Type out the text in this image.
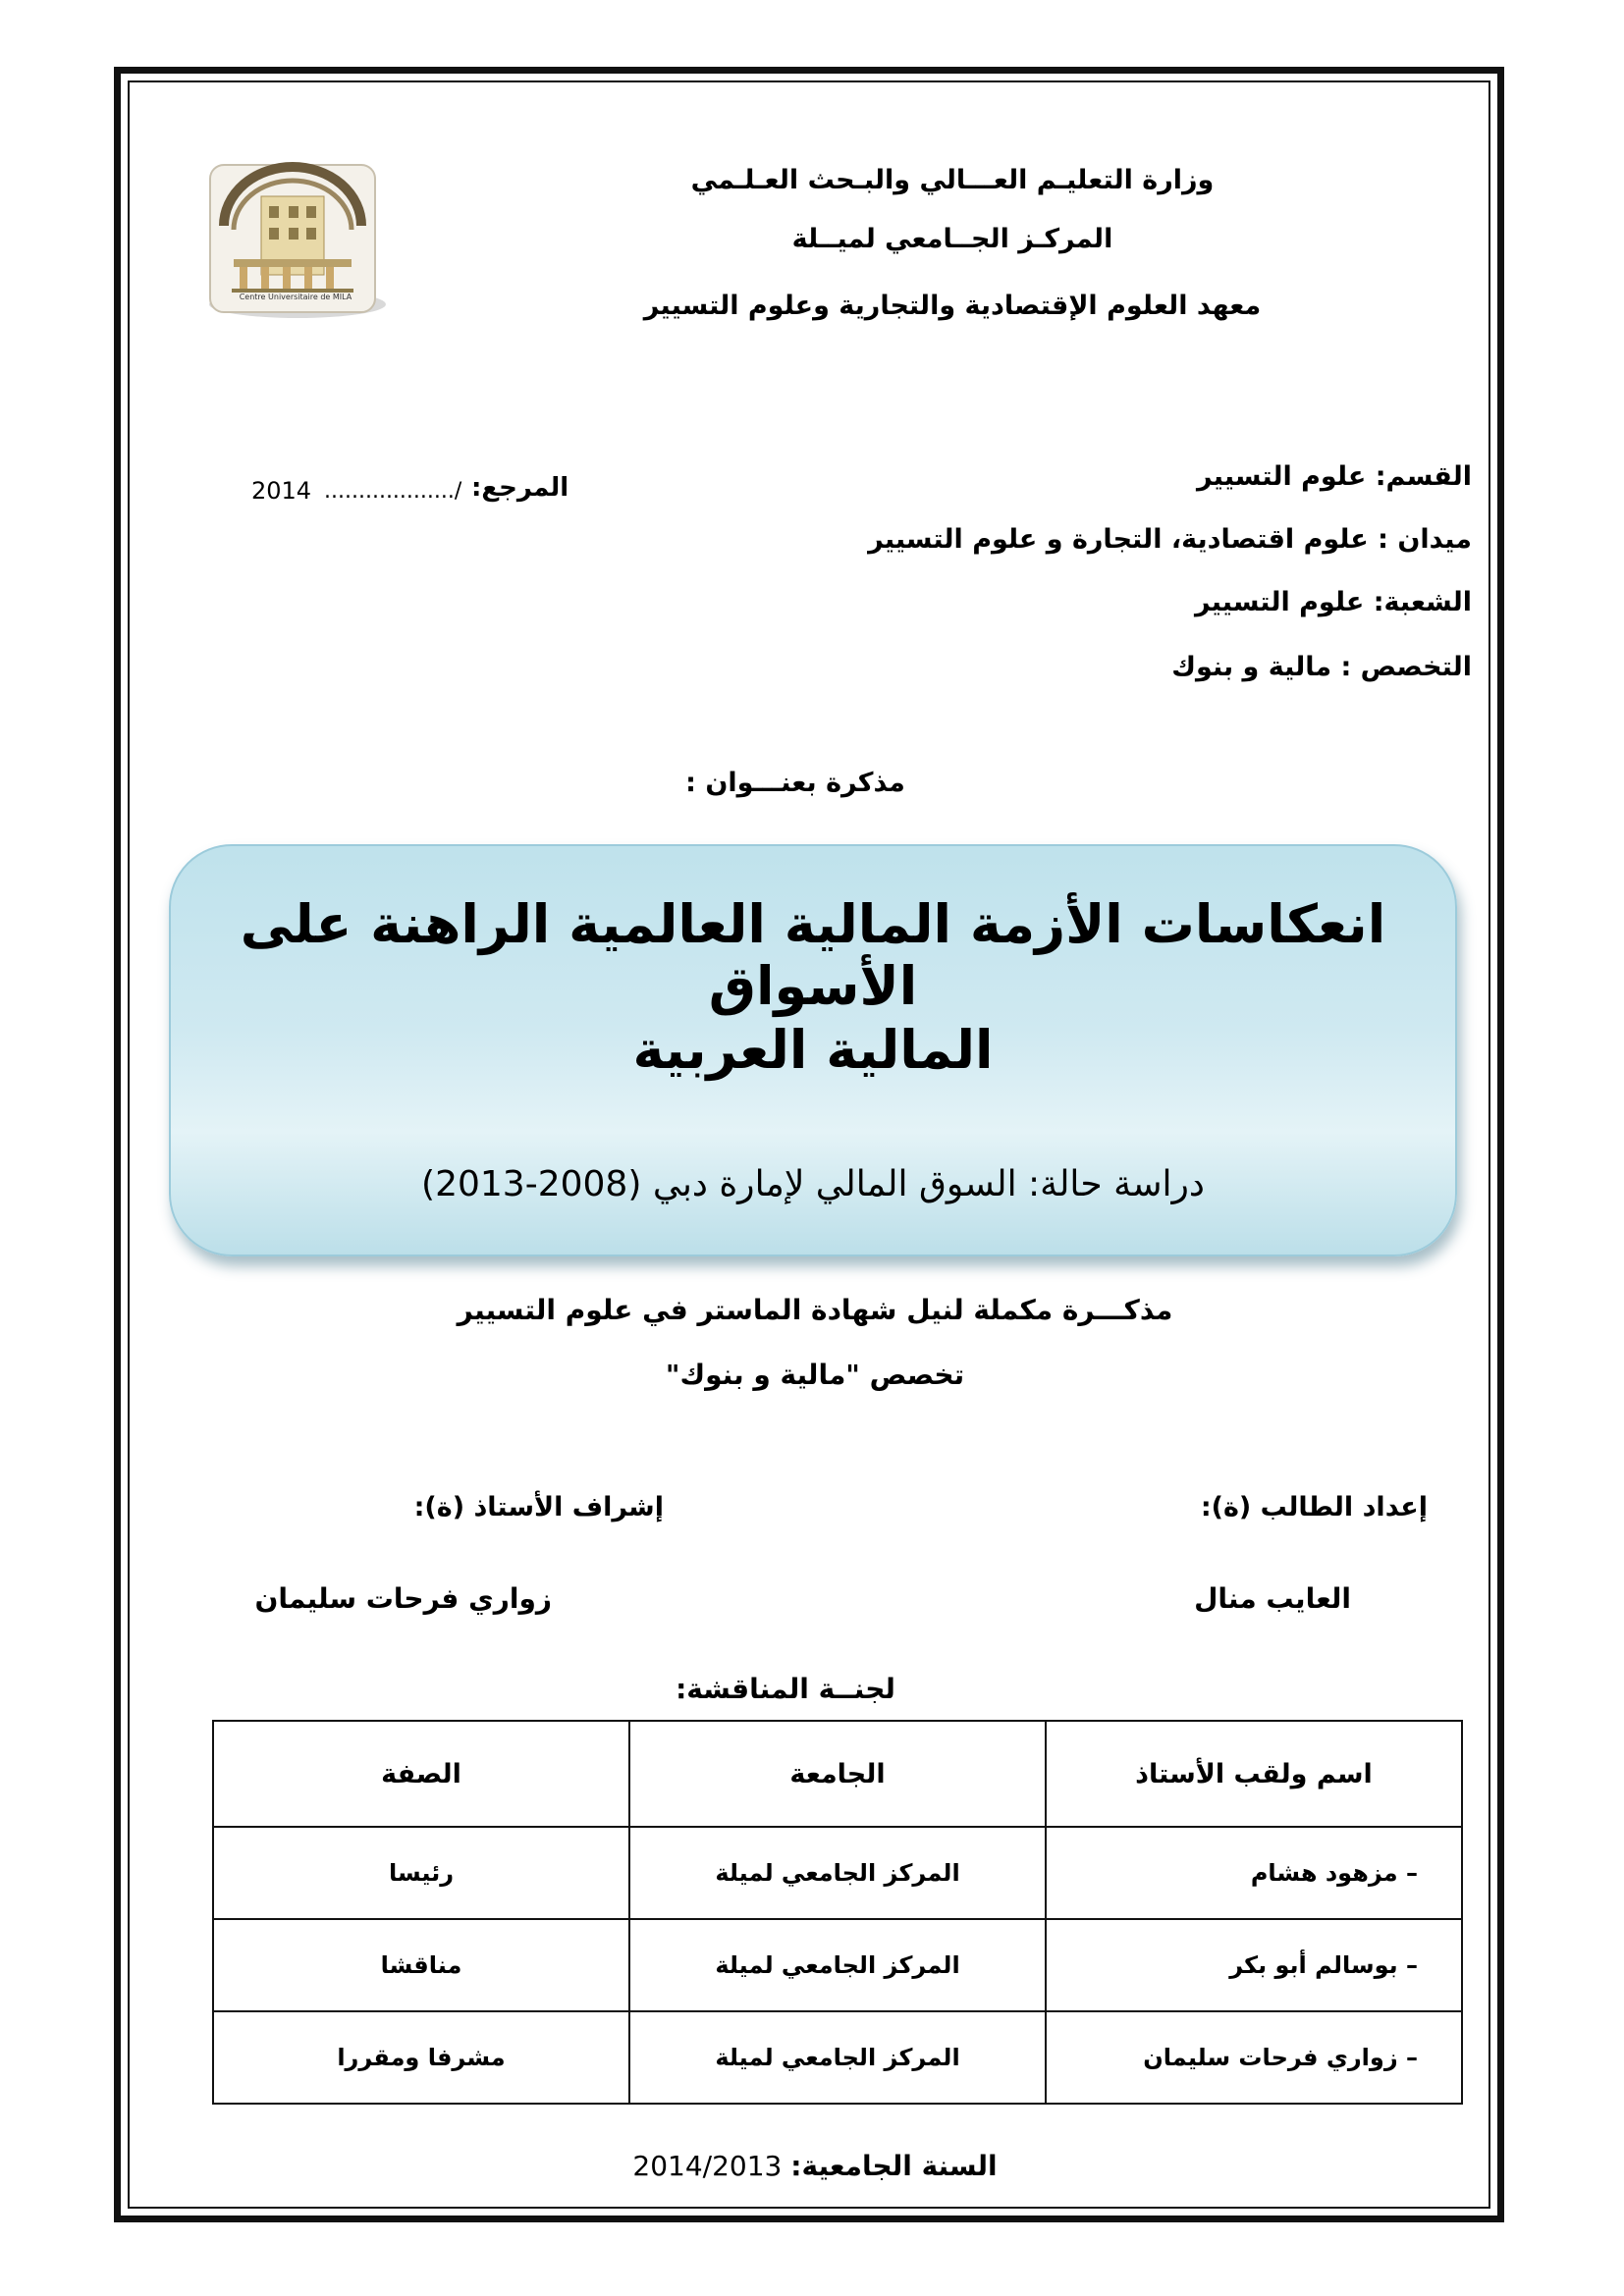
Centre Universitaire de MILA
وزارة التعليـم العـــالي والبـحث العـلـمي
المركـز الجــامعي لميــلة
معهد العلوم الإقتصادية والتجارية وعلوم التسيير
القسم: علوم التسيير
ميدان : علوم اقتصادية، التجارة و علوم التسيير
الشعبة: علوم التسيير
التخصص : مالية و بنوك
المرجع:
.................../
2014
مذكرة بعنـــوان :
انعكاسات الأزمة المالية العالمية الراهنة على الأسواق
المالية العربية
دراسة حالة: السوق المالي لإمارة دبي (2008-2013)
مذكـــرة مكملة لنيل شهادة الماستر في علوم التسيير
تخصص "مالية و بنوك"
إعداد الطالب (ة):
إشراف الأستاذ (ة):
العايب منال
زواري فرحات سليمان
لجنــة المناقشة:
اسم ولقب الأستاذ	الجامعة	الصفة
– مزهود هشام	المركز الجامعي لميلة	رئيسا
– بوسالم أبو بكر	المركز الجامعي لميلة	مناقشا
– زواري فرحات سليمان	المركز الجامعي لميلة	مشرفا ومقررا
السنة الجامعية: 2014/2013
